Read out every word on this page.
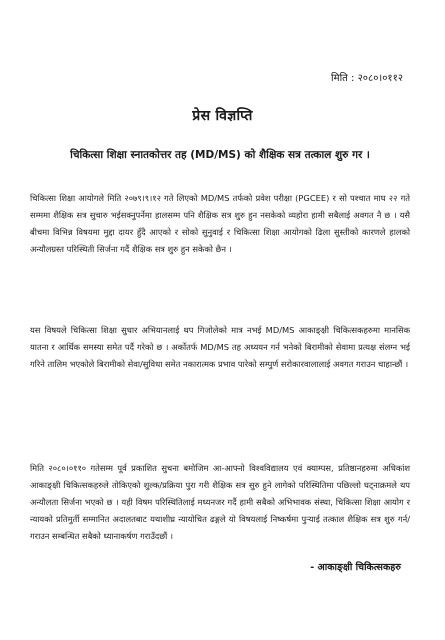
मिति : २०८०।०११२
प्रेस विज्ञप्ति
चिकित्सा शिक्षा स्नातकोत्तर तह (MD/MS) को शैक्षिक सत्र तत्काल शुरु गर ।

चिकित्सा शिक्षा आयोगले मिति २०७९।९।१२ गते लिएको MD/MS तर्फको प्रवेश परीक्षा (PGCEE) र सो पश्चात माघ २२ गते सम्ममा शैक्षिक सत्र सुचारु भईसक्नुपर्नेमा हालसम्म पनि शैक्षिक सत्र शुरु हुन नसकेको व्यहोरा हामी सबैलाई अवगत नै छ । यसै बीचमा विभिन्न विषयमा मुद्दा दायर हुँदै आएको र सोको सुनुवाई र चिकित्सा शिक्षा आयोगको ढिला सुस्तीको कारणले हालको अन्यौलग्रस्त परिस्थिती सिर्जना गर्दै शैक्षिक सत्र शुरु हुन सकेको छैन ।

यस विषयले चिकित्सा शिक्षा सुधार अभियानलाई थप गिजोलेको मात्र नभई MD/MS आकाङ्क्षी चिकित्सकहरुमा मानसिक यातना र आर्थिक समस्या समेत पर्दै गरेको छ । अर्कोतर्फ MD/MS तह अध्ययन गर्न भनेको बिरामीको सेवामा प्रत्यक्ष संलग्न भई गरिने तालिम भएकोले बिरामीको सेवा/सुविधा समेत नकारात्मक प्रभाव पारेको सम्पुर्ण सरोकारवालालाई अवगत गराउन चाहान्छौं ।

मिति २०८०।०११० गतेसम्म पूर्व प्रकाशित सुचना बमोजिम आ-आफ्नो विश्वविद्यालय एवं क्याम्पस, प्रतिष्ठानहरुमा अधिकांश आकाङ्क्षी चिकित्सकहरुले तोकिएको शुल्क/प्रक्रिया पुरा गरी शैक्षिक सत्र सुरु हुने लागेको परिस्थितिमा पछिल्लो घट्नाक्रमले थप अन्यौलता सिर्जना भएको छ । यही विषम परिस्थितिलाई मध्यनजर गर्दै हामी सबैको अभिभावक संस्था, चिकित्सा शिक्षा आयोग र न्यायको प्रतिमुर्ती सम्मानित अदालतबाट यथाशीघ्र न्यायोचित ढङ्गले यो विषयलाई निष्कर्षमा पुऱ्याई तत्काल शैक्षिक सत्र शुरु गर्न/गराउन सम्बन्धित सबैको ध्यानाकर्षण गराउँदछौं ।

- आकाङ्क्षी चिकित्सकहरु
